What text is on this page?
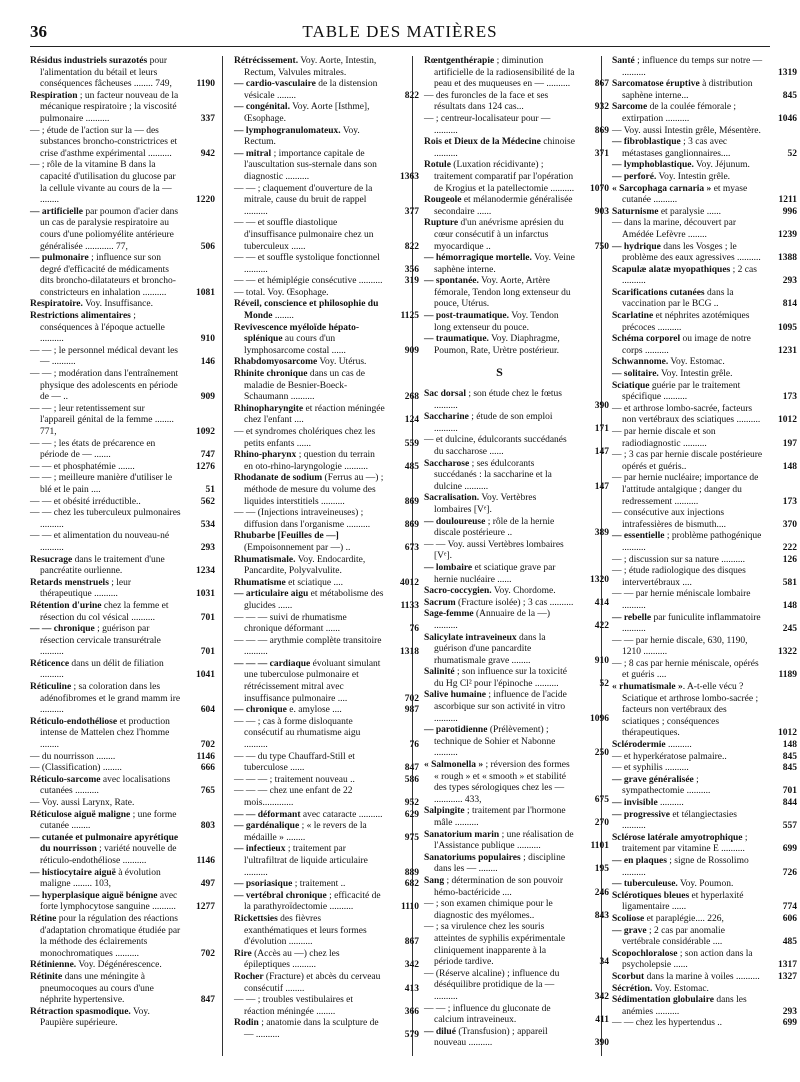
36	TABLE DES MATIÈRES

Résidus industriels surazotés pour l'alimentation du bétail et leurs conséquences fâcheuses ........ 749,	1190

Respiration ; un facteur nouveau de la mécanique respiratoire ; la viscosité pulmonaire ..........	337

— ; étude de l'action sur la — des substances broncho-constrictrices et crise d'asthme expérimental ..........	942

— ; rôle de la vitamine B dans la capacité d'utilisation du glucose par la cellule vivante au cours de la — ........	1220

— artificielle par poumon d'acier dans un cas de paralysie respiratoire au cours d'une poliomyélite antérieure généralisée ............ 77,	506

— pulmonaire ; influence sur son degré d'efficacité de médicaments dits broncho-dilatateurs et broncho-constricteurs en inhalation ..........	1081

Respiratoire. Voy. Insuffisance.

Restrictions alimentaires ; conséquences à l'époque actuelle ..........	910

— — ; le personnel médical devant les — ..........	146

— — ; modération dans l'entraînement physique des adolescents en période de — ..	909

— — ; leur retentissement sur l'appareil génital de la femme ........ 771,	1092

— — ; les états de précarence en période de — .......	747

— — et phosphatémie .......	1276

— — ; meilleure manière d'utiliser le blé et le pain ....	51

— — et obésité irréductible..	562

— — chez les tuberculeux pulmonaires ..........	534

— — et alimentation du nouveau-né ..........	293

Resucrage dans le traitement d'une pancréatite ourlienne.	1234

Retards menstruels ; leur thérapeutique ..........	1031

Rétention d'urine chez la femme et résection du col vésical ..........	701

— — chronique ; guérison par résection cervicale transurétrale ..........	701

Réticence dans un délit de filiation ..........	1041

Réticuline ; sa coloration dans les adénofibromes et le grand mamm ire ..........	604

Réticulo-endothéliose et production intense de Mattelen chez l'homme ........	702

— du nourrisson ........	1146

— (Classification) ........	666

Réticulo-sarcome avec localisations cutanées ..........	765

— Voy. aussi Larynx, Rate.

Réticulose aiguë maligne ; une forme cutanée ........	803

— cutanée et pulmonaire apyrétique du nourrisson ; variété nouvelle de réticulo-endothéliose ..........	1146

— histiocytaire aiguë à évolution maligne ........ 103,	497

— hyperplasique aiguë bénigne avec forte lymphocytose sanguine .......... 1277

Rétine pour la régulation des réactions d'adaptation chromatique étudiée par la méthode des éclairements monochromatiques ..........	702

Rétinienne. Voy. Dégénérescence.

Rétinite dans une méningite à pneumocoques au cours d'une néphrite hypertensive.	847

Rétraction spasmodique. Voy. Paupière supérieure.

Rétrécissement. Voy. Aorte, Intestin, Rectum, Valvules mitrales.

— cardio-vasculaire de la distension vésicale ........	822

— congénital. Voy. Aorte [Isthme], Œsophage.

— lymphogranulomateux. Voy. Rectum.

— mitral ; importance capitale de l'auscultation sus-sternale dans son diagnostic ..........	1363

— — ; claquement d'ouverture de la mitrale, cause du bruit de rappel ..........	377

— — et souffle diastolique d'insuffisance pulmonaire chez un tuberculeux ......	822

— — et souffle systolique fonctionnel ..........	356

— — et hémiplégie consécutive .......... 319

— total. Voy. Œsophage.

Réveil, conscience et philosophie du Monde ........	1125

Revivescence myéloïde hépato-splénique au cours d'un lymphosarcome costal ......	909

Rhabdomyosarcome Voy. Utérus.

Rhinite chronique dans un cas de maladie de Besnier-Boeck-Schaumann ..........	268

Rhinopharyngite et réaction méningée chez l'enfant ....	124

— et syndromes cholériques chez les petits enfants ......	559

Rhino-pharynx ; question du terrain en oto-rhino-laryngologie ..........	485

Rhodanate de sodium (Ferrus au —) ; méthode de mesure du volume des liquides interstitiels ..........	869

— — (Injections intraveineuses) ; diffusion dans l'organisme ..........	869

Rhubarbe [Feuilles de —] (Empoisonnement par —) ..	673

Rhumatismale. Voy. Endocardite, Pancardite, Polyvalvulite.

Rhumatisme et sciatique ....	4012

— articulaire aigu et métabolisme des glucides ......	1133

— — — suivi de rhumatisme chronique déformant ......	76

— — — arythmie complète transitoire ..........	1318

— — — cardiaque évoluant simulant une tuberculose pulmonaire et rétrécissement mitral avec insuffisance pulmonaire ....	702

— chronique e. amylose ....	987

— — ; cas à forme disloquante consécutif au rhumatisme aigu ..........	76

— — du type Chauffard-Still et tuberculose ......	847

— — — ; traitement nouveau ..	586

— — — chez une enfant de 22 mois.............	952

— — déformant avec cataracte .......... 629

— gardénalique ; « le revers de la médaille » ........	975

— infectieux ; traitement par l'ultrafiltrat de liquide articulaire ..........	889

— psoriasique ; traitement ..	682

— vertébral chronique ; efficacité de la parathyroïdectomie ..........	1110

Rickettsies des fièvres exanthématiques et leurs formes d'évolution ..........	867

Rire (Accès au —) chez les épileptiques ..........	342

Rocher (Fracture) et abcès du cerveau consécutif ........	413

— — ; troubles vestibulaires et réaction méningée ........	366

Rodin ; anatomie dans la sculpture de — ..........	579

Rœntgenthérapie ; diminution artificielle de la radiosensibilité de la peau et des muqueuses en — ..........	867

— des furoncles de la face et ses résultats dans 124 cas...	932

— ; centreur-localisateur pour — ..........	869

Rois et Dieux de la Médecine chinoise ..........	371

Rotule (Luxation récidivante) ; traitement comparatif par l'opération de Krogius et la patellectomie .......... 1070

Rougeole et mélanodermie généralisée secondaire ......	903

Rupture d'un anévrisme aprésien du cœur consécutif à un infarctus myocardique ..	750

— hémorragique mortelle. Voy. Veine saphène interne.

— spontanée. Voy. Aorte, Artère fémorale, Tendon long extenseur du pouce, Utérus.

— post-traumatique. Voy. Tendon long extenseur du pouce.

— traumatique. Voy. Diaphragme, Poumon, Rate, Urètre postérieur.

S

Sac dorsal ; son étude chez le fœtus ..........	390

Saccharine ; étude de son emploi ..........	171

— et dulcine, édulcorants succédanés du saccharose ......	147

Saccharose ; ses édulcorants succédanés : la saccharine et la dulcine ..........	147

Sacralisation. Voy. Vertèbres lombaires [Vᵉ].

— douloureuse ; rôle de la hernie discale postérieure ..	389

— — Voy. aussi Vertèbres lombaires [Vᵉ].

— lombaire et sciatique grave par hernie nucléaire ......	1320

Sacro-coccygien. Voy. Chordome.

Sacrum (Fracture isolée) ; 3 cas .......... 414

Sage-femme (Annuaire de la —) ..........	422

Salicylate intraveineux dans la guérison d'une pancardite rhumatismale grave ........	910

Salinité ; son influence sur la toxicité du Hg Cl² pour l'épinoche ..........	52

Salive humaine ; influence de l'acide ascorbique sur son activité in vitro ..........	1096

— parotidienne (Prélèvement) ; technique de Sohier et Nabonne ..........	250

« Salmonella » ; réversion des formes « rough » et « smooth » et stabilité des types sérologiques chez les — ............ 433,	675

Salpingite ; traitement par l'hormone mâle ..........	270

Sanatorium marin ; une réalisation de l'Assistance publique ..........	1101

Sanatoriums populaires ; discipline dans les — ........	195

Sang ; détermination de son pouvoir hémo-bactéricide ....	246

— ; son examen chimique pour le diagnostic des myélomes..	843

— ; sa virulence chez les souris atteintes de syphilis expérimentale cliniquement inapparente à la période tardive.	34

— (Réserve alcaline) ; influence du déséquilibre protidique de la — ..........	342

— — ; influence du gluconate de calcium intraveineux.	411

— dilué (Transfusion) ; appareil nouveau ..........	390

Santé ; influence du temps sur notre — ..........	1319

Sarcomatose éruptive à distribution saphène interne...	845

Sarcome de la coulée fémorale ; extirpation ..........	1046

— Voy. aussi Intestin grêle, Mésentère.

— fibroblastique ; 3 cas avec métastases ganglionnaires....	52

— lymphoblastique. Voy. Jéjunum.

— perforé. Voy. Intestin grêle.

« Sarcophaga carnaria » et myase cutanée ..........	1211

Saturnisme et paralysie ......	996

— dans la marine, découvert par Amédée Lefèvre ........	1239

— hydrique dans les Vosges ; le problème des eaux agressives .......... 1388

Scapulæ alatæ myopathiques ; 2 cas ..........	293

Scarifications cutanées dans la vaccination par le BCG ..	814

Scarlatine et néphrites azotémiques précoces ..........	1095

Schéma corporel ou image de notre corps ..........	1231

Schwannome. Voy. Estomac.

— solitaire. Voy. Intestin grêle.

Sciatique guérie par le traitement spécifique ..........	173

— et arthrose lombo-sacrée, facteurs non vertébraux des sciatiques .......... 1012

— par hernie discale et son radiodiagnostic ..........	197

— ; 3 cas par hernie discale postérieure opérés et guéris..	148

— par hernie nucléaire; importance de l'attitude antalgique ; danger du redressement ..........	173

— consécutive aux injections intrafessières de bismuth....	370

— essentielle ; problème pathogénique ..........	222

— ; discussion sur sa nature ..........	126

— ; étude radiologique des disques intervertébraux ....	581

— — par hernie méniscale lombaire ..........	148

— rebelle par funiculite inflammatoire ..........	245

— — par hernie discale, 630, 1190, 1210 ..........	1322

— ; 8 cas par hernie méniscale, opérés et guéris ....	1189

« rhumatismale ». A-t-elle vécu ? Sciatique et arthrose lombo-sacrée ; facteurs non vertébraux des sciatiques ; conséquences thérapeutiques.	1012

Sclérodermie ..........	148

— et hyperkératose palmaire..	845

— et syphilis ..........	845

— grave généralisée ; sympathectomie ..........	701

— invisible ..........	844

— progressive et télangiectasies ..........	557

Sclérose latérale amyotrophique ; traitement par vitamine E ..........	699

— en plaques ; signe de Rossolimo ..........	726

— tuberculeuse. Voy. Poumon.

Sclérotiques bleues et hyperlaxité ligamentaire ......	774

Scoliose et paraplégie.... 226,	606

— grave ; 2 cas par anomalie vertébrale considérable ....	485

Scopochloralose ; son action dans la psycholepsie ......	1317

Scorbut dans la marine à voiles .......... 1327

Sécrétion. Voy. Estomac.

Sédimentation globulaire dans les anémies ..........	293

— — chez les hypertendus ..	699
